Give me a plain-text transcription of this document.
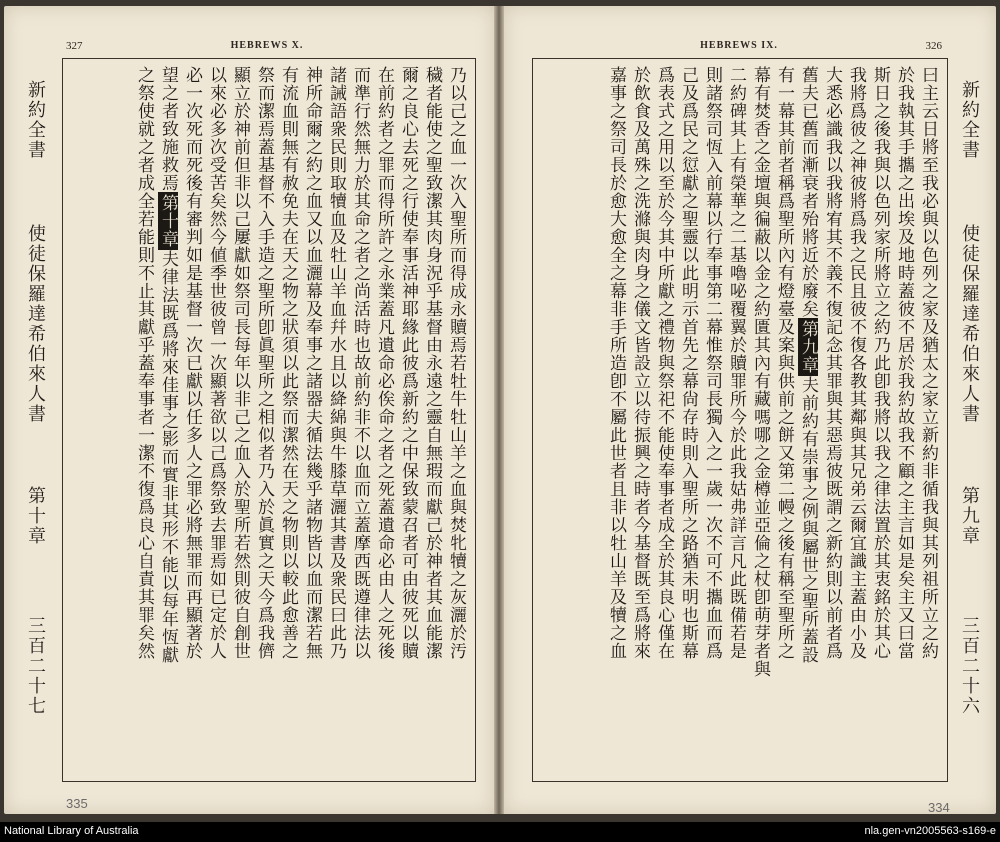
327	HEBREWS X.
新約全書
使徒保羅達希伯來人書
第十章
三百二十七
乃以己之血一次入聖所而得成永贖焉若牡牛牡山羊之血與焚牝犢之灰灑於汚
穢者能使之聖致潔其肉身況乎基督由永遠之靈自無瑕而獻己於神者其血能潔
爾之良心去死之行使奉事活神耶緣此彼爲新約之中保致蒙召者可由彼死以贖
在前約者之罪而得所許之永業蓋凡遺命必俟命之者之死蓋遺命必由人之死後
而準行然無力於其命之者之尚活時也故前約非不以血而立蓋摩西既遵律法以
諸誡語衆民則取犢血及牡山羊血幷水且以絳綿與牛膝草灑其書及衆民曰此乃
神所命爾之約之血又以血灑幕及奉事之諸器夫循法幾乎諸物皆以血而潔若無
有流血則無有赦免夫在天之物之狀須以此祭而潔然在天之物則以較此愈善之
祭而潔焉蓋基督不入手造之聖所卽眞聖所之相似者乃入於眞實之天今爲我儕
顯立於神前但非以己屢獻如祭司長每年以非己之血入於聖所若然則彼自創世
以來必多次受苦矣然今値季世彼曾一次顯著欲以己爲祭致去罪焉如已定於人
必一次死而死後有審判如是基督一次已獻以任多人之罪必將無罪而再顯著於
望之者致施救焉第十章夫律法既爲將來佳事之影而實非其形不能以每年恆獻
之祭使就之者成全若能則不止其獻乎蓋奉事者一潔不復爲良心自責其罪矣然
335
HEBREWS IX.	326
曰主云日將至我必與以色列之家及猶太之家立新約非循我與其列祖所立之約
於我執其手攜之出埃及地時蓋彼不居於我約故我不顧之主言如是矣主又曰當
斯日之後我與以色列家所將立之約乃此卽我將以我之律法置於其衷銘於其心
我將爲彼之神彼將爲我之民且彼不復各教其鄰與其兄弟云爾宜識主蓋由小及
大悉必識我以我將宥其不義不復記念其罪與其惡焉彼既謂之新約則以前者爲
舊夫已舊而漸衰者殆將近於廢矣第九章夫前約有崇事之例與屬世之聖所蓋設
有一幕其前者稱爲聖所內有燈臺及案與供前之餅又第二幔之後有稱至聖所之
幕有焚香之金壇與徧蔽以金之約匱其內有藏嗎哪之金樽並亞倫之杖卽萌芽者與
二約碑其上有榮華之二基嚕咇覆翼於贖罪所今於此我姑弗詳言凡此既備若是
則諸祭司恆入前幕以行奉事第二幕惟祭司長獨入之一歲一次不可不攜血而爲
己及爲民之愆獻之聖靈以此明示首先之幕尙存時則入聖所之路猶未明也斯幕
爲表式之用以至於今其中所獻之禮物與祭祀不能使奉事者成全於其良心僅在
於飲食及萬殊之洗滌與肉身之儀文皆設立以待振興之時者今基督既至爲將來
嘉事之祭司長於愈大愈全之幕非手所造卽不屬此世者且非以牡山羊及犢之血	新約全書
使徒保羅達希伯來人書
第九章
三百二十六
334
National Library of Australia	nla.gen-vn2005563-s169-e
